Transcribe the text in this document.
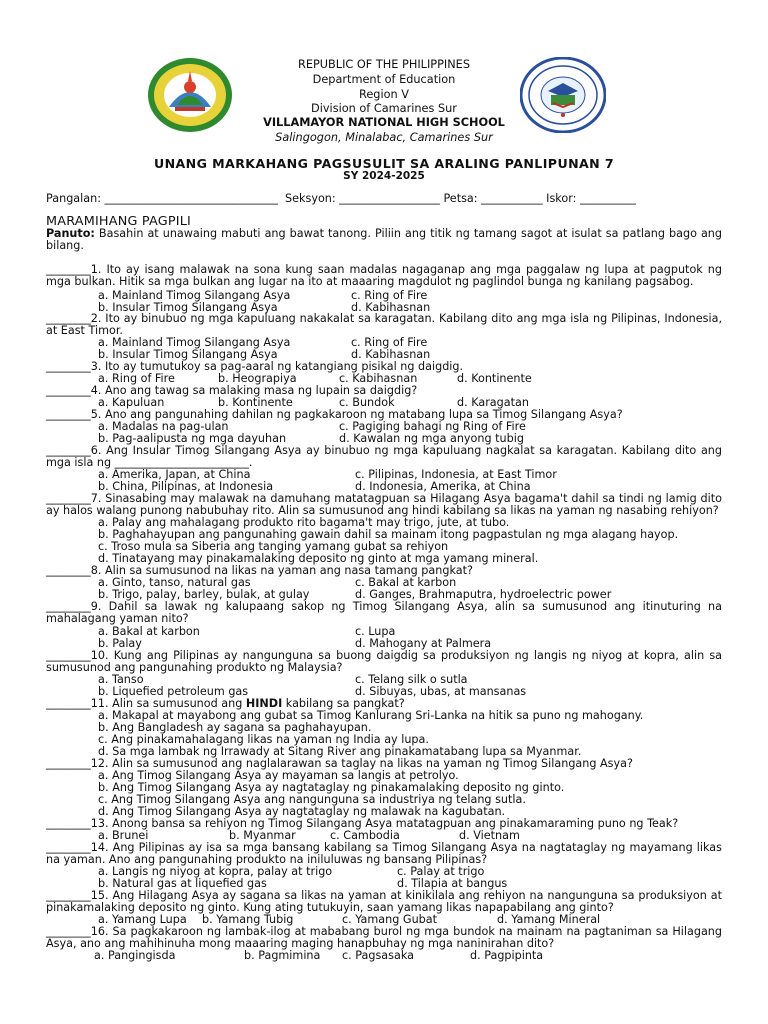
REPUBLIC OF THE PHILIPPINES
Department of Education
Region V
Division of Camarines Sur
VILLAMAYOR NATIONAL HIGH SCHOOL
Salingogon, Minalabac, Camarines Sur
UNANG MARKAHANG PAGSUSULIT SA ARALING PANLIPUNAN 7
SY 2024-2025
Pangalan: _______________________________  Seksyon: __________________ Petsa: ___________ Iskor: __________
MARAMIHANG PAGPILI
Panuto: Basahin at unawaing mabuti ang bawat tanong. Piliin ang titik ng tamang sagot at isulat sa patlang bago ang bilang.
________1. Ito ay isang malawak na sona kung saan madalas nagaganap ang mga paggalaw ng lupa at pagputok ng mga bulkan. Hitik sa mga bulkan ang lugar na ito at maaaring magdulot ng paglindol bunga ng kanilang pagsabog.
a. Mainland Timog Silangang Asya
b. Insular Timog Silangang Asya
c. Ring of Fire
d. Kabihasnan
________2. Ito ay binubuo ng mga kapuluang nakakalat sa karagatan. Kabilang dito ang mga isla ng Pilipinas, Indonesia, at East Timor.
a. Mainland Timog Silangang Asya
b. Insular Timog Silangang Asya
c. Ring of Fire
d. Kabihasnan
________3. Ito ay tumutukoy sa pag-aaral ng katangiang pisikal ng daigdig.
a. Ring of Fire	b. Heograpiya	c. Kabihasnan	d. Kontinente
________4. Ano ang tawag sa malaking masa ng lupain sa daigdig?
a. Kapuluan	b. Kontinente	c. Bundok	d. Karagatan
________5. Ano ang pangunahing dahilan ng pagkakaroon ng matabang lupa sa Timog Silangang Asya?
a. Madalas na pag-ulan
b. Pag-aalipusta ng mga dayuhan
c. Pagiging bahagi ng Ring of Fire
d. Kawalan ng mga anyong tubig
________6. Ang Insular Timog Silangang Asya ay binubuo ng mga kapuluang nagkalat sa karagatan. Kabilang dito ang mga isla ng ________________________.
a. Amerika, Japan, at China
b. China, Pilipinas, at Indonesia
c. Pilipinas, Indonesia, at East Timor
d. Indonesia, Amerika, at China
________7. Sinasabing may malawak na damuhang matatagpuan sa Hilagang Asya bagama't dahil sa tindi ng lamig dito ay halos walang punong nabubuhay rito. Alin sa sumusunod ang hindi kabilang sa likas na yaman ng nasabing rehiyon?
a. Palay ang mahalagang produkto rito bagama't may trigo, jute, at tubo.
b. Paghahayupan ang pangunahing gawain dahil sa mainam itong pagpastulan ng mga alagang hayop.
c. Troso mula sa Siberia ang tanging yamang gubat sa rehiyon
d. Tinatayang may pinakamalaking deposito ng ginto at mga yamang mineral.
________8. Alin sa sumusunod na likas na yaman ang nasa tamang pangkat?
a. Ginto, tanso, natural gas
b. Trigo, palay, barley, bulak, at gulay
c. Bakal at karbon
d. Ganges, Brahmaputra, hydroelectric power
________9. Dahil sa lawak ng kalupaang sakop ng Timog Silangang Asya, alin sa sumusunod ang itinuturing na mahalagang yaman nito?
a. Bakal at karbon
b. Palay
c. Lupa
d. Mahogany at Palmera
________10. Kung ang Pilipinas ay nangunguna sa buong daigdig sa produksiyon ng langis ng niyog at kopra, alin sa sumusunod ang pangunahing produkto ng Malaysia?
a. Tanso
b. Liquefied petroleum gas
c. Telang silk o sutla
d. Sibuyas, ubas, at mansanas
________11. Alin sa sumusunod ang HINDI kabilang sa pangkat?
a. Makapal at mayabong ang gubat sa Timog Kanlurang Sri-Lanka na hitik sa puno ng mahogany.
b. Ang Bangladesh ay sagana sa paghahayupan.
c. Ang pinakamahalagang likas na yaman ng India ay lupa.
d. Sa mga lambak ng Irrawady at Sitang River ang pinakamatabang lupa sa Myanmar.
________12. Alin sa sumusunod ang naglalarawan sa taglay na likas na yaman ng Timog Silangang Asya?
a. Ang Timog Silangang Asya ay mayaman sa langis at petrolyo.
b. Ang Timog Silangang Asya ay nagtataglay ng pinakamalaking deposito ng ginto.
c. Ang Timog Silangang Asya ang nangunguna sa industriya ng telang sutla.
d. Ang Timog Silangang Asya ay nagtataglay ng malawak na kagubatan.
________13. Anong bansa sa rehiyon ng Timog Silangang Asya matatagpuan ang pinakamaraming puno ng Teak?
a. Brunei	b. Myanmar	c. Cambodia	d. Vietnam
________14. Ang Pilipinas ay isa sa mga bansang kabilang sa Timog Silangang Asya na nagtataglay ng mayamang likas na yaman. Ano ang pangunahing produkto na iniluluwas ng bansang Pilipinas?
a. Langis ng niyog at kopra, palay at trigo
b. Natural gas at liquefied gas
c. Palay at trigo
d. Tilapia at bangus
________15. Ang Hilagang Asya ay sagana sa likas na yaman at kinikilala ang rehiyon na nangunguna sa produksiyon at pinakamalaking deposito ng ginto. Kung ating tutukuyin, saan yamang likas napapabilang ang ginto?
a. Yamang Lupa b. Yamang Tubig	c. Yamang Gubat	d. Yamang Mineral
________16. Sa pagkakaroon ng lambak-ilog at mababang burol ng mga bundok na mainam na pagtaniman sa Hilagang Asya, ano ang mahihinuha mong maaaring maging hanapbuhay ng mga naninirahan dito?
a. Pangingisda	b. Pagmimina c. Pagsasaka	d. Pagpipinta
